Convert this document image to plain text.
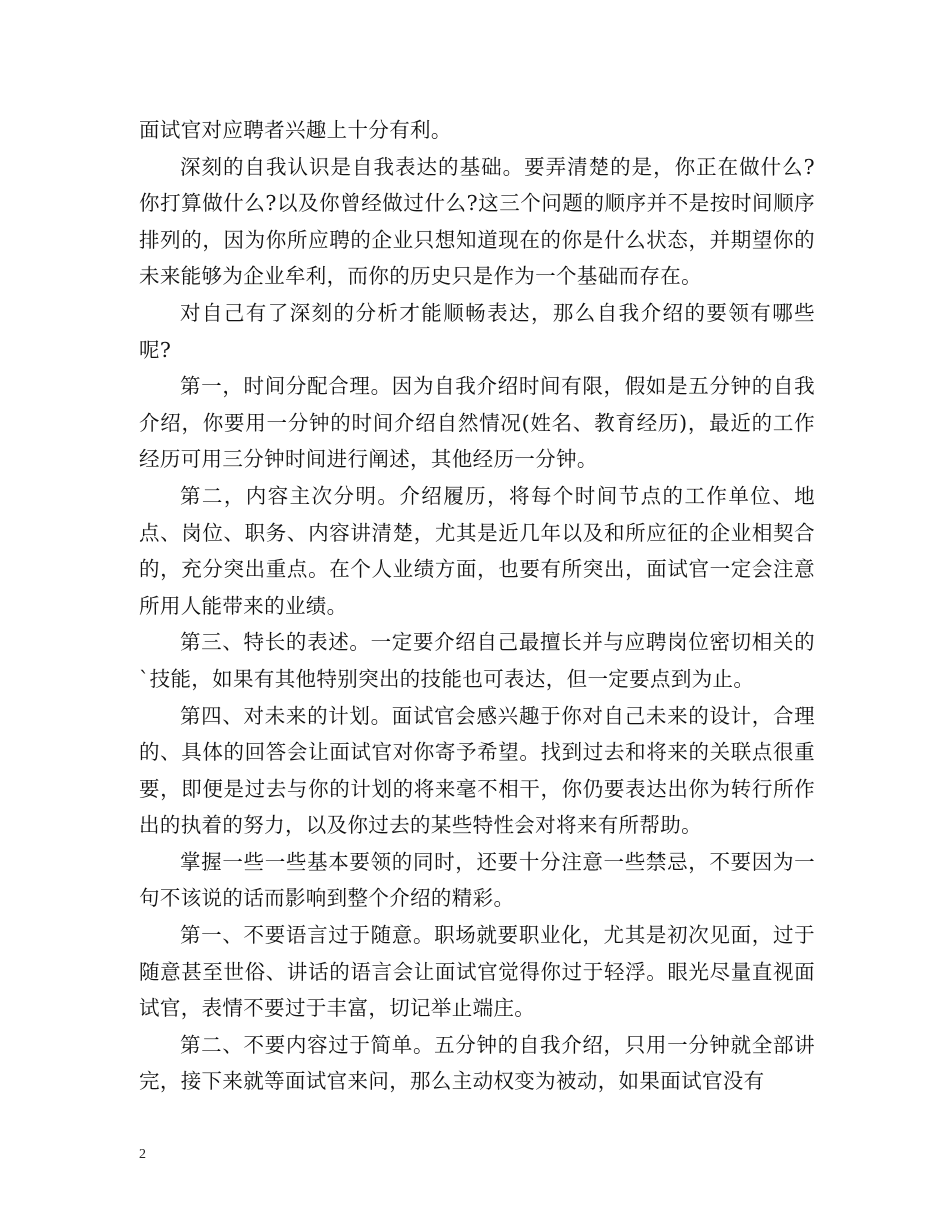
面试官对应聘者兴趣上十分有利。

深刻的自我认识是自我表达的基础。要弄清楚的是，你正在做什么?你打算做什么?以及你曾经做过什么?这三个问题的顺序并不是按时间顺序排列的，因为你所应聘的企业只想知道现在的你是什么状态，并期望你的未来能够为企业牟利，而你的历史只是作为一个基础而存在。

对自己有了深刻的分析才能顺畅表达，那么自我介绍的要领有哪些呢?

第一，时间分配合理。因为自我介绍时间有限，假如是五分钟的自我介绍，你要用一分钟的时间介绍自然情况(姓名、教育经历)，最近的工作经历可用三分钟时间进行阐述，其他经历一分钟。

第二，内容主次分明。介绍履历，将每个时间节点的工作单位、地点、岗位、职务、内容讲清楚，尤其是近几年以及和所应征的企业相契合的，充分突出重点。在个人业绩方面，也要有所突出，面试官一定会注意所用人能带来的业绩。

第三、特长的表述。一定要介绍自己最擅长并与应聘岗位密切相关的`技能，如果有其他特别突出的技能也可表达，但一定要点到为止。

第四、对未来的计划。面试官会感兴趣于你对自己未来的设计，合理的、具体的回答会让面试官对你寄予希望。找到过去和将来的关联点很重要，即便是过去与你的计划的将来毫不相干，你仍要表达出你为转行所作出的执着的努力，以及你过去的某些特性会对将来有所帮助。

掌握一些一些基本要领的同时，还要十分注意一些禁忌，不要因为一句不该说的话而影响到整个介绍的精彩。

第一、不要语言过于随意。职场就要职业化，尤其是初次见面，过于随意甚至世俗、讲话的语言会让面试官觉得你过于轻浮。眼光尽量直视面试官，表情不要过于丰富，切记举止端庄。

第二、不要内容过于简单。五分钟的自我介绍，只用一分钟就全部讲完，接下来就等面试官来问，那么主动权变为被动，如果面试官没有

2
